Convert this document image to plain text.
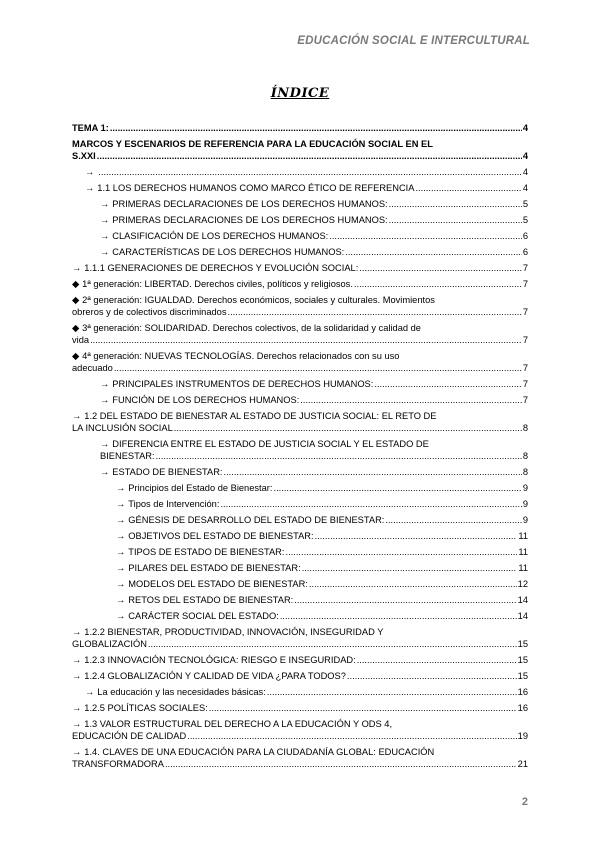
EDUCACIÓN SOCIAL E INTERCULTURAL
ÍNDICE
TEMA 1: .....	4
MARCOS Y ESCENARIOS DE REFERENCIA PARA LA EDUCACIÓN SOCIAL EN EL
S.XXI .....	4
→ .....	4
→ 1.1 LOS DERECHOS HUMANOS COMO MARCO ÉTICO DE REFERENCIA .....	4
→ PRIMERAS DECLARACIONES DE LOS DERECHOS HUMANOS: .....	5
→ PRIMERAS DECLARACIONES DE LOS DERECHOS HUMANOS: .....	5
→ CLASIFICACIÓN DE LOS DERECHOS HUMANOS: .....	6
→ CARACTERÍSTICAS DE LOS DERECHOS HUMANOS: .....	6
→ 1.1.1 GENERACIONES DE DERECHOS Y EVOLUCIÓN SOCIAL: .....	7
◆ 1ª generación: LIBERTAD. Derechos civiles, políticos y religiosos. .....	7
◆ 2ª generación: IGUALDAD. Derechos económicos, sociales y culturales. Movimientos
obreros y de colectivos discriminados .....	7
◆ 3ª generación: SOLIDARIDAD. Derechos colectivos, de la solidaridad y calidad de
vida .....	7
◆ 4ª generación: NUEVAS TECNOLOGÍAS. Derechos relacionados con su uso
adecuado .....	7
→ PRINCIPALES INSTRUMENTOS DE DERECHOS HUMANOS: .....	7
→ FUNCIÓN DE LOS DERECHOS HUMANOS: .....	7
→ 1.2 DEL ESTADO DE BIENESTAR AL ESTADO DE JUSTICIA SOCIAL: EL RETO DE
LA INCLUSIÓN SOCIAL .....	8
→ DIFERENCIA ENTRE EL ESTADO DE JUSTICIA SOCIAL Y EL ESTADO DE
BIENESTAR: .....	8
→ ESTADO DE BIENESTAR: .....	8
→ Principios del Estado de Bienestar: .....	9
→ Tipos de Intervención: .....	9
→ GÉNESIS DE DESARROLLO DEL ESTADO DE BIENESTAR: .....	9
→ OBJETIVOS DEL ESTADO DE BIENESTAR: .....	11
→ TIPOS DE ESTADO DE BIENESTAR: .....	11
→ PILARES DEL ESTADO DE BIENESTAR: .....	11
→ MODELOS DEL ESTADO DE BIENESTAR: .....	12
→ RETOS DEL ESTADO DE BIENESTAR: .....	14
→ CARÁCTER SOCIAL DEL ESTADO: .....	14
→ 1.2.2 BIENESTAR, PRODUCTIVIDAD, INNOVACIÓN, INSEGURIDAD Y
GLOBALIZACIÓN .....	15
→ 1.2.3 INNOVACIÓN TECNOLÓGICA: RIESGO E INSEGURIDAD: .....	15
→ 1.2.4 GLOBALIZACIÓN Y CALIDAD DE VIDA ¿PARA TODOS? .....	15
→ La educación y las necesidades básicas: .....	16
→ 1.2.5 POLÍTICAS SOCIALES: .....	16
→ 1.3 VALOR ESTRUCTURAL DEL DERECHO A LA EDUCACIÓN Y ODS 4,
EDUCACIÓN DE CALIDAD .....	19
→ 1.4. CLAVES DE UNA EDUCACIÓN PARA LA CIUDADANÍA GLOBAL: EDUCACIÓN
TRANSFORMADORA .....	21
2
